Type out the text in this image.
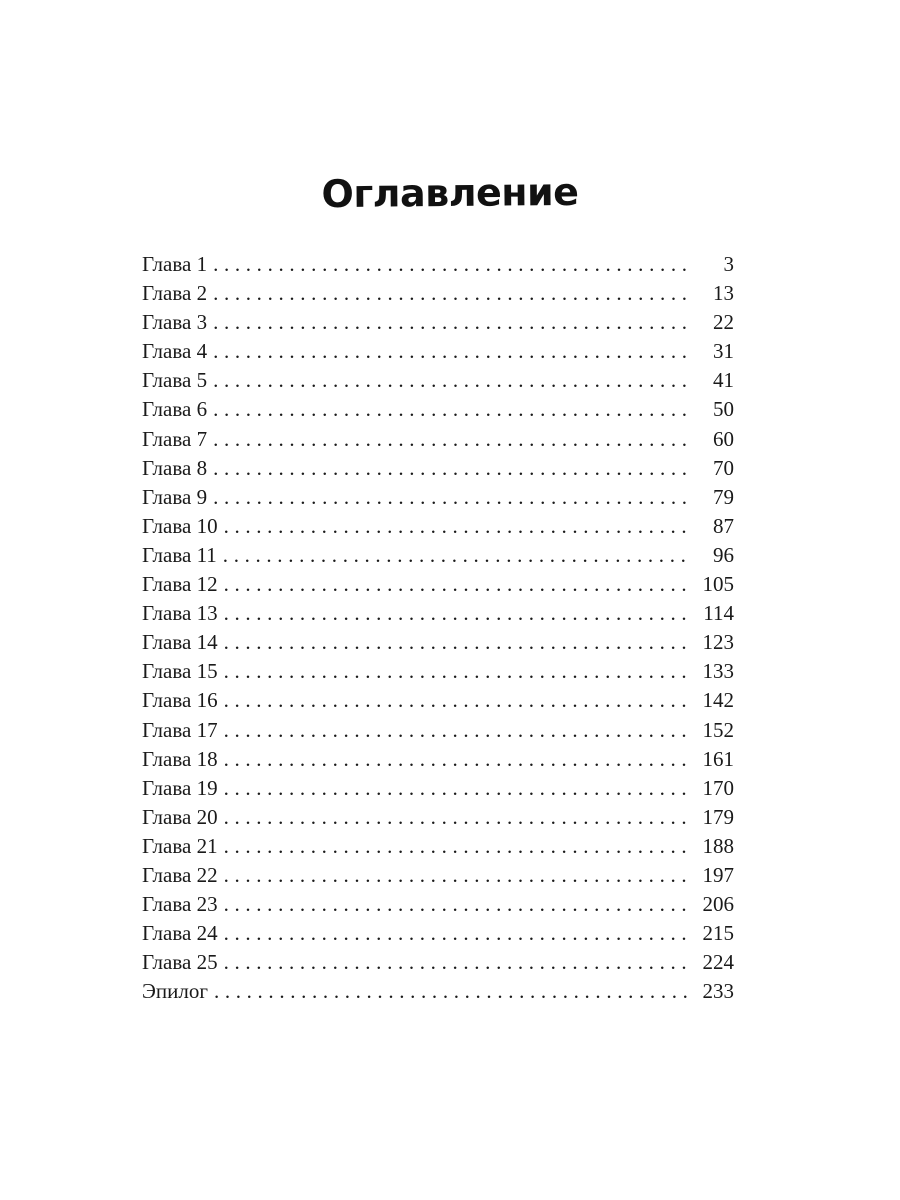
Оглавление
Глава 1 . . .	3
Глава 2 . . .	13
Глава 3 . . .	22
Глава 4 . . .	31
Глава 5 . . .	41
Глава 6 . . .	50
Глава 7 . . .	60
Глава 8 . . .	70
Глава 9 . . .	79
Глава 10 . . .	87
Глава 11 . . .	96
Глава 12 . . .	105
Глава 13 . . .	114
Глава 14 . . .	123
Глава 15 . . .	133
Глава 16 . . .	142
Глава 17 . . .	152
Глава 18 . . .	161
Глава 19 . . .	170
Глава 20 . . .	179
Глава 21 . . .	188
Глава 22 . . .	197
Глава 23 . . .	206
Глава 24 . . .	215
Глава 25 . . .	224
Эпилог . . .	233
